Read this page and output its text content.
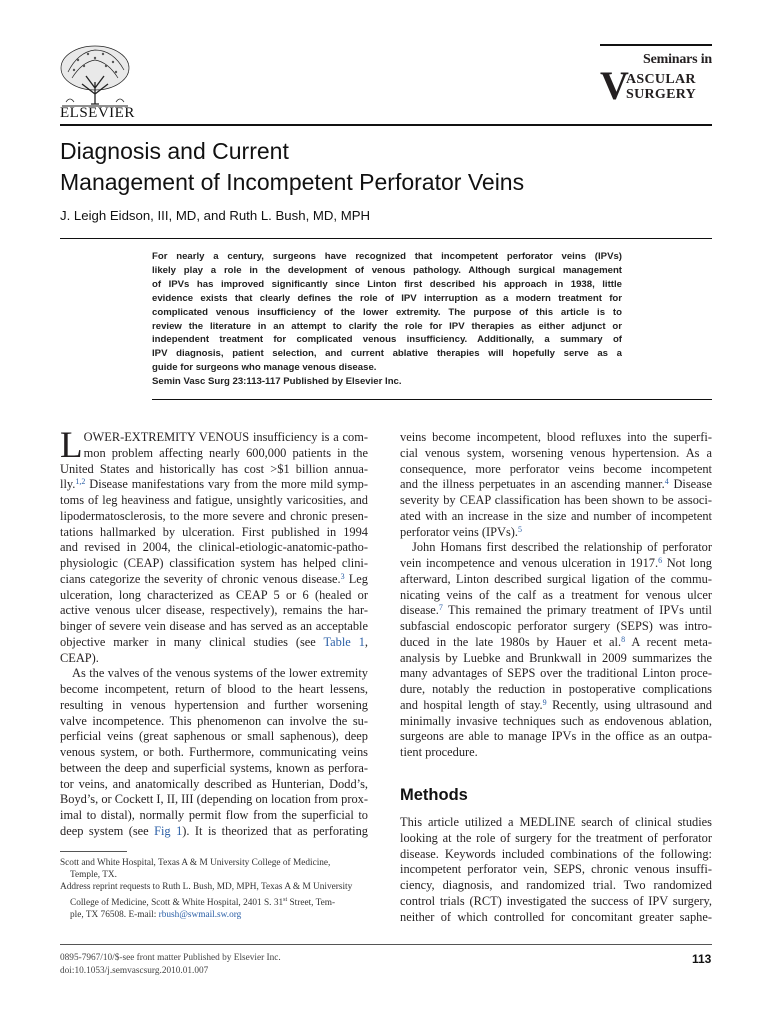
ELSEVIER
Seminars in
V
ASCULAR
SURGERY
Diagnosis and Current
Management of Incompetent Perforator Veins
J. Leigh Eidson, III, MD, and Ruth L. Bush, MD, MPH
For nearly a century, surgeons have recognized that incompetent perforator veins (IPVs)
likely play a role in the development of venous pathology. Although surgical management
of IPVs has improved significantly since Linton first described his approach in 1938, little
evidence exists that clearly defines the role of IPV interruption as a modern treatment for
complicated venous insufficiency of the lower extremity. The purpose of this article is to
review the literature in an attempt to clarify the role for IPV therapies as either adjunct or
independent treatment for complicated venous insufficiency. Additionally, a summary of
IPV diagnosis, patient selection, and current ablative therapies will hopefully serve as a
guide for surgeons who manage venous disease.
Semin Vasc Surg 23:113-117 Published by Elsevier Inc.
L OWER-EXTREMITY VENOUS insufficiency is a com-
mon problem affecting nearly 600,000 patients in the
United States and historically has cost >$1 billion annua-
lly.$^{1,2}$ Disease manifestations vary from the more mild symp-
toms of leg heaviness and fatigue, unsightly varicosities, and
lipodermatosclerosis, to the more severe and chronic presen-
tations hallmarked by ulceration. First published in 1994
and revised in 2004, the clinical-etiologic-anatomic-patho-
physiologic (CEAP) classification system has helped clini-
cians categorize the severity of chronic venous disease.$^3$ Leg
ulceration, long characterized as CEAP 5 or 6 (healed or
active venous ulcer disease, respectively), remains the har-
binger of severe vein disease and has served as an acceptable
objective marker in many clinical studies (see Table 1,
CEAP).
As the valves of the venous systems of the lower extremity
become incompetent, return of blood to the heart lessens,
resulting in venous hypertension and further worsening
valve incompetence. This phenomenon can involve the su-
perficial veins (great saphenous or small saphenous), deep
venous system, or both. Furthermore, communicating veins
between the deep and superficial systems, known as perfora-
tor veins, and anatomically described as Hunterian, Dodd’s,
Boyd’s, or Cockett I, II, III (depending on location from prox-
imal to distal), normally permit flow from the superficial to
deep system (see Fig 1). It is theorized that as perforating
veins become incompetent, blood refluxes into the superfi-
cial venous system, worsening venous hypertension. As a
consequence, more perforator veins become incompetent
and the illness perpetuates in an ascending manner.$^4$ Disease
severity by CEAP classification has been shown to be associ-
ated with an increase in the size and number of incompetent
perforator veins (IPVs).$^5$
John Homans first described the relationship of perforator
vein incompetence and venous ulceration in 1917.$^6$ Not long
afterward, Linton described surgical ligation of the commu-
nicating veins of the calf as a treatment for venous ulcer
disease.$^7$ This remained the primary treatment of IPVs until
subfascial endoscopic perforator surgery (SEPS) was intro-
duced in the late 1980s by Hauer et al.$^8$ A recent meta-
analysis by Luebke and Brunkwall in 2009 summarizes the
many advantages of SEPS over the traditional Linton proce-
dure, notably the reduction in postoperative complications
and hospital length of stay.$^9$ Recently, using ultrasound and
minimally invasive techniques such as endovenous ablation,
surgeons are able to manage IPVs in the office as an outpa-
tient procedure.
Methods
This article utilized a MEDLINE search of clinical studies
looking at the role of surgery for the treatment of perforator
disease. Keywords included combinations of the following:
incompetent perforator vein, SEPS, chronic venous insuffi-
ciency, diagnosis, and randomized trial. Two randomized
control trials (RCT) investigated the success of IPV surgery,
neither of which controlled for concomitant greater saphe-
Scott and White Hospital, Texas A & M University College of Medicine,
Temple, TX.
Address reprint requests to Ruth L. Bush, MD, MPH, Texas A & M University
College of Medicine, Scott & White Hospital, 2401 S. 31st Street, Tem-
ple, TX 76508. E-mail: rbush@swmail.sw.org
0895-7967/10/$-see front matter Published by Elsevier Inc.
doi:10.1053/j.semvascsurg.2010.01.007
113
